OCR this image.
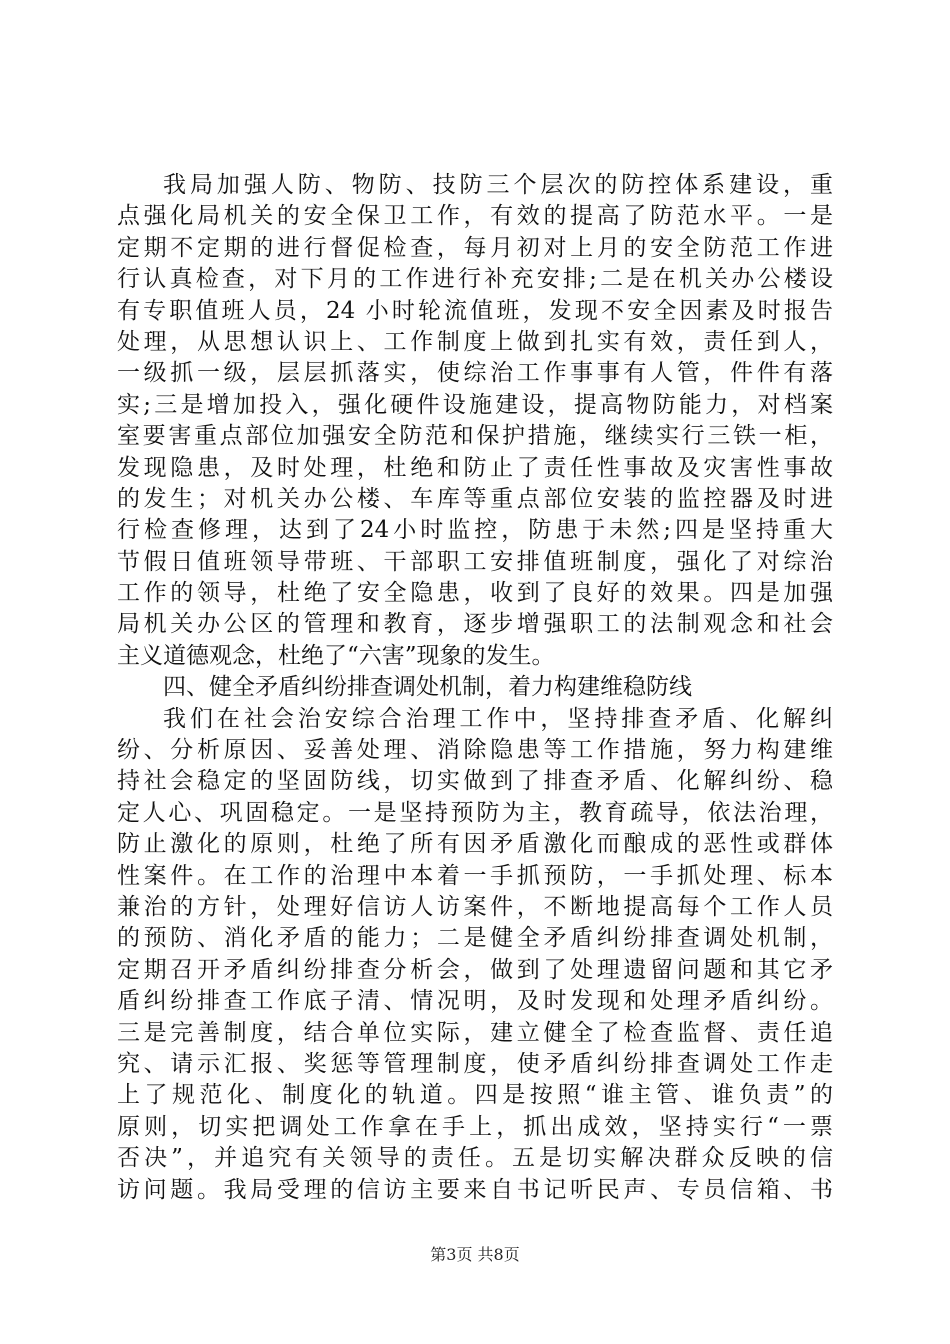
我局加强人防、物防、技防三个层次的防控体系建设，重
点强化局机关的安全保卫工作，有效的提高了防范水平。一是
定期不定期的进行督促检查，每月初对上月的安全防范工作进
行认真检查，对下月的工作进行补充安排;二是在机关办公楼设
有专职值班人员，24 小时轮流值班，发现不安全因素及时报告
处理，从思想认识上、工作制度上做到扎实有效，责任到人，
一级抓一级，层层抓落实，使综治工作事事有人管，件件有落
实;三是增加投入，强化硬件设施建设，提高物防能力，对档案
室要害重点部位加强安全防范和保护措施，继续实行三铁一柜，
发现隐患，及时处理，杜绝和防止了责任性事故及灾害性事故
的发生；对机关办公楼、车库等重点部位安装的监控器及时进
行检查修理，达到了24小时监控，防患于未然;四是坚持重大
节假日值班领导带班、干部职工安排值班制度，强化了对综治
工作的领导，杜绝了安全隐患，收到了良好的效果。四是加强
局机关办公区的管理和教育，逐步增强职工的法制观念和社会
主义道德观念，杜绝了“六害”现象的发生。
四、健全矛盾纠纷排查调处机制，着力构建维稳防线
我们在社会治安综合治理工作中，坚持排查矛盾、化解纠
纷、分析原因、妥善处理、消除隐患等工作措施，努力构建维
持社会稳定的坚固防线，切实做到了排查矛盾、化解纠纷、稳
定人心、巩固稳定。一是坚持预防为主，教育疏导，依法治理，
防止激化的原则，杜绝了所有因矛盾激化而酿成的恶性或群体
性案件。在工作的治理中本着一手抓预防，一手抓处理、标本
兼治的方针，处理好信访人访案件，不断地提高每个工作人员
的预防、消化矛盾的能力；二是健全矛盾纠纷排查调处机制，
定期召开矛盾纠纷排查分析会，做到了处理遗留问题和其它矛
盾纠纷排查工作底子清、情况明，及时发现和处理矛盾纠纷。
三是完善制度，结合单位实际，建立健全了检查监督、责任追
究、请示汇报、奖惩等管理制度，使矛盾纠纷排查调处工作走
上了规范化、制度化的轨道。四是按照“谁主管、谁负责”的
原则，切实把调处工作拿在手上，抓出成效，坚持实行“一票
否决”，并追究有关领导的责任。五是切实解决群众反映的信
访问题。我局受理的信访主要来自书记听民声、专员信箱、书
第3页 共8页
